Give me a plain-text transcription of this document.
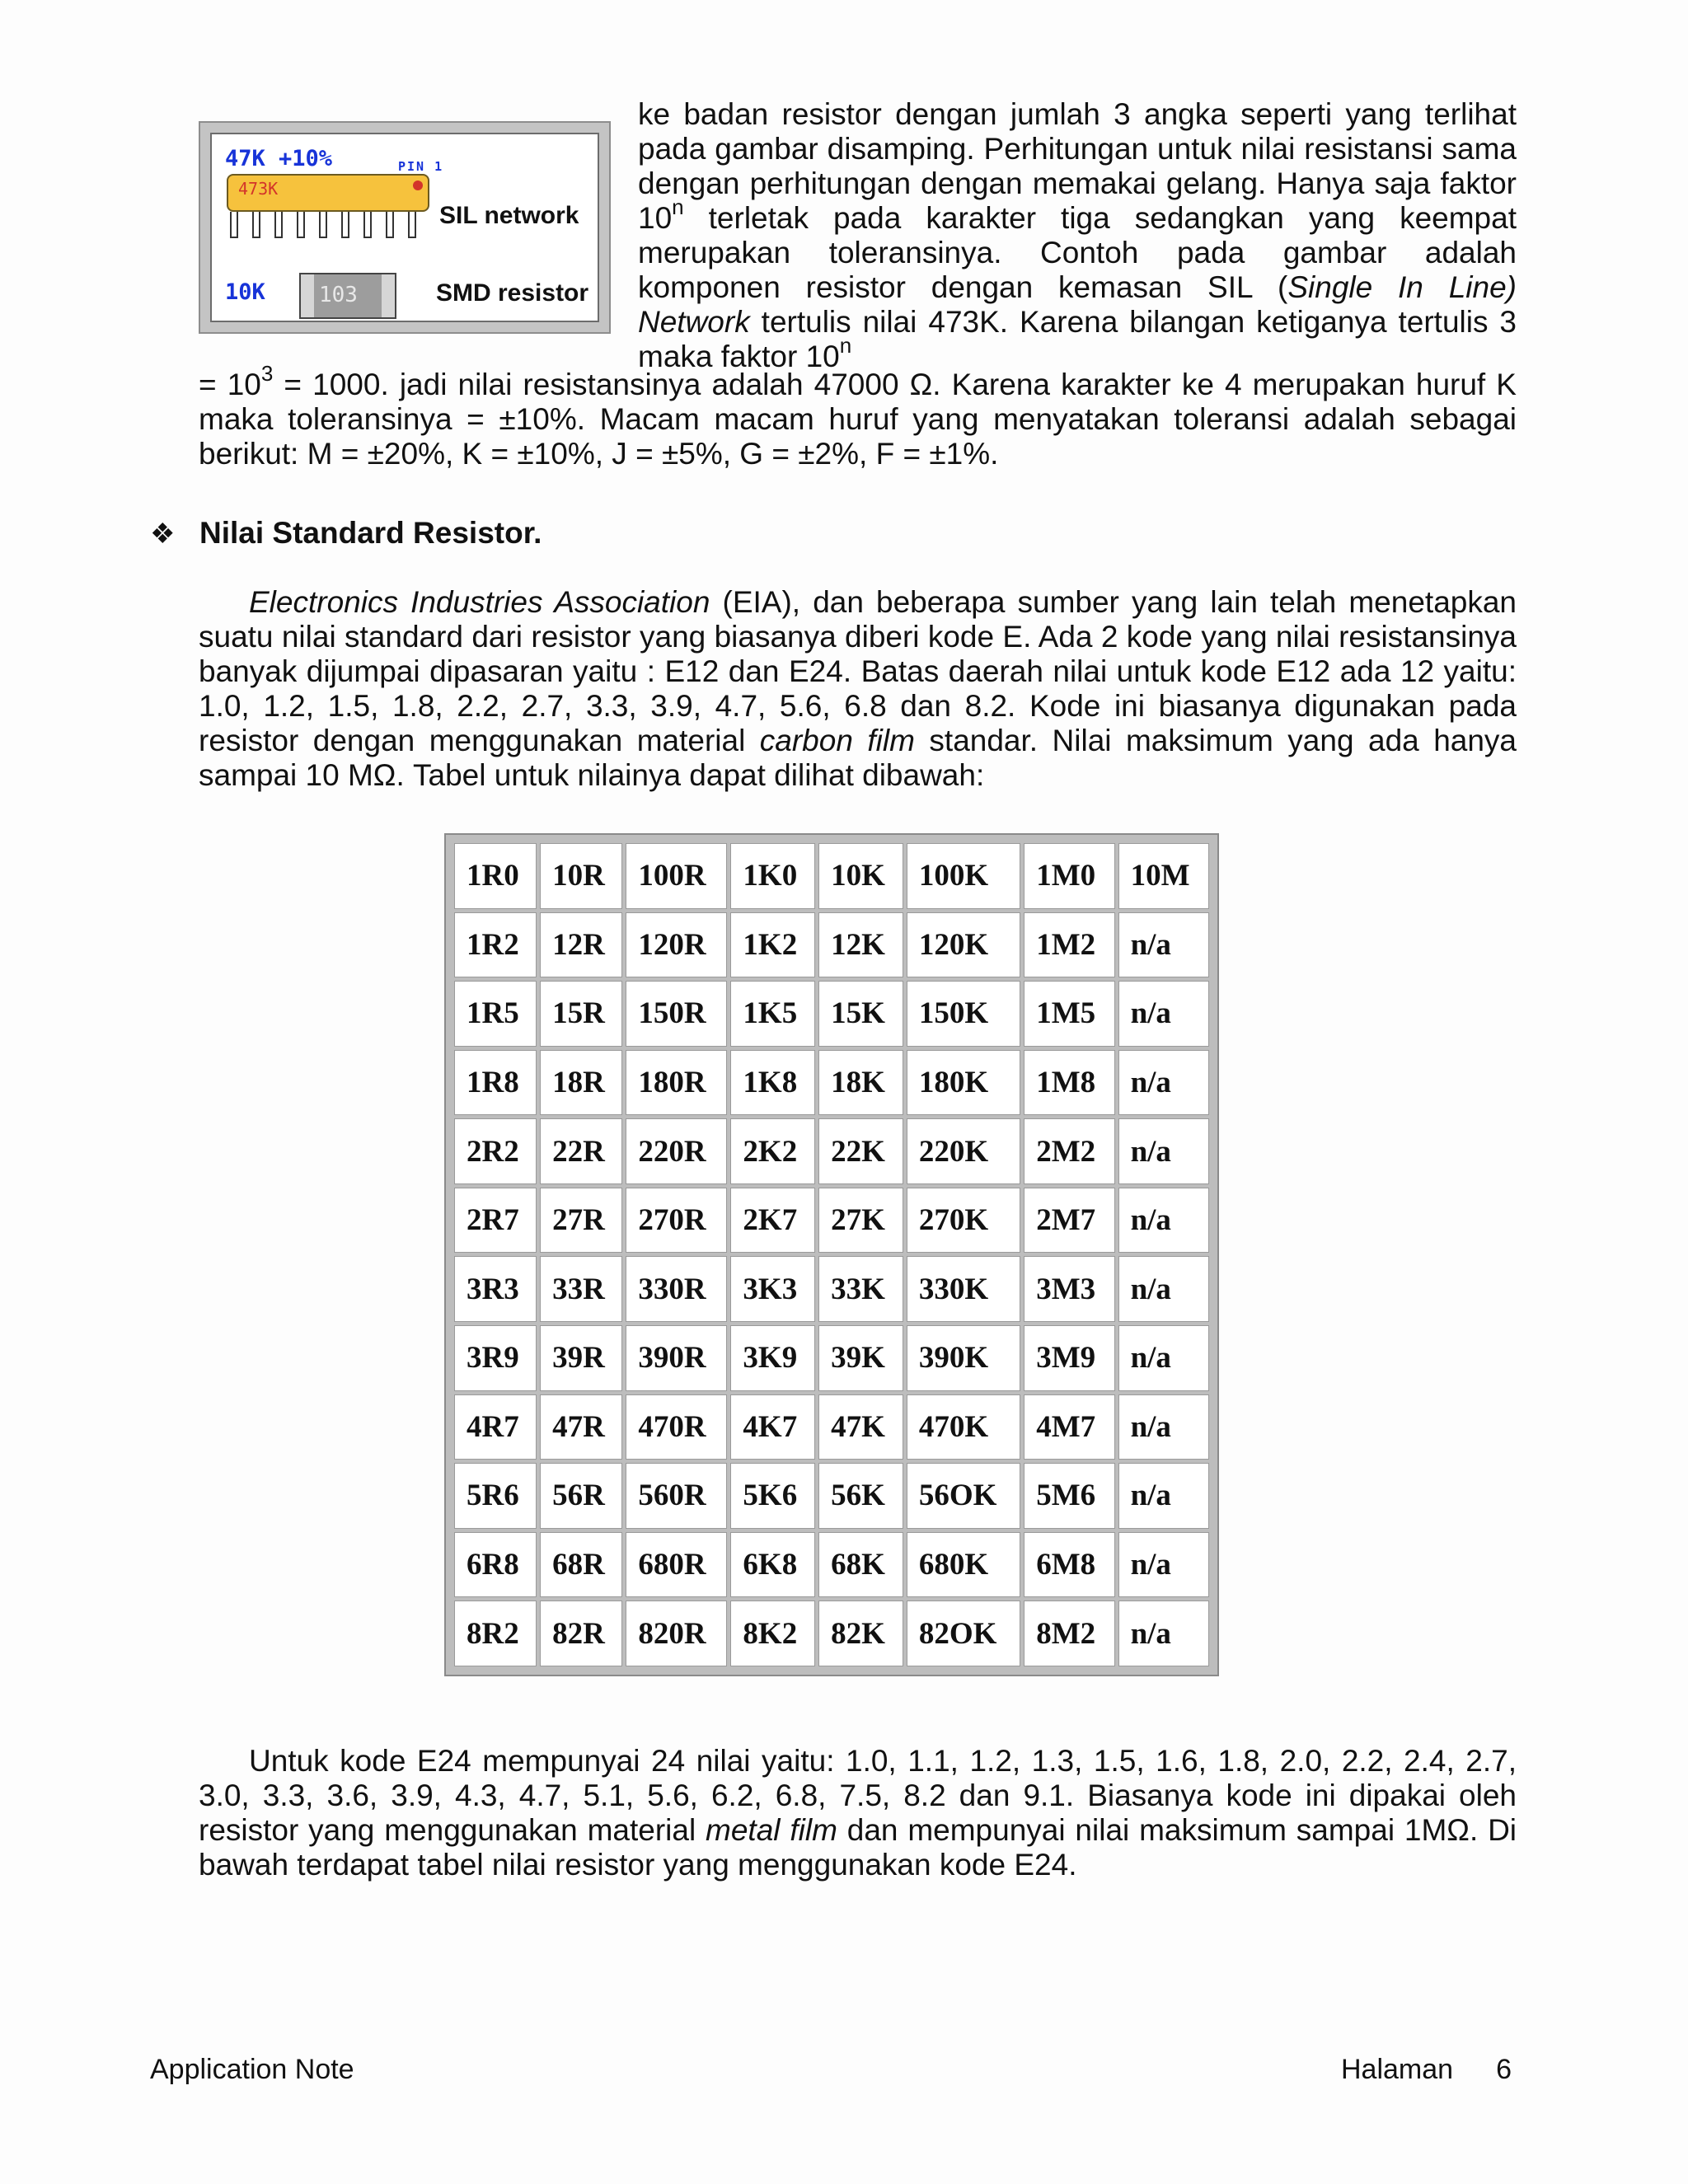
47K +10%	PIN 1
473K
SIL network
10K	103	SMD resistor
ke badan resistor dengan jumlah 3 angka seperti yang terlihat pada gambar disamping. Perhitungan untuk nilai resistansi sama dengan perhitungan dengan memakai gelang. Hanya saja faktor 10$^n$ terletak pada karakter tiga sedangkan yang keempat merupakan toleransinya. Contoh pada gambar adalah komponen resistor dengan kemasan SIL (Single In Line) Network tertulis nilai 473K. Karena bilangan ketiganya tertulis 3 maka faktor $10^n$
= $10^3 = 1000$. jadi nilai resistansinya adalah 47000 Ω. Karena karakter ke 4 merupakan huruf K maka toleransinya = ±10%. Macam macam huruf yang menyatakan toleransi adalah sebagai berikut: M = ±20%, K = ±10%, J = ±5%, G = ±2%, F = ±1%.
❖ Nilai Standard Resistor.
Electronics Industries Association (EIA), dan beberapa sumber yang lain telah menetapkan suatu nilai standard dari resistor yang biasanya diberi kode E. Ada 2 kode yang nilai resistansinya banyak dijumpai dipasaran yaitu : E12 dan E24. Batas daerah nilai untuk kode E12 ada 12 yaitu: 1.0, 1.2, 1.5, 1.8, 2.2, 2.7, 3.3, 3.9, 4.7, 5.6, 6.8 dan 8.2. Kode ini biasanya digunakan pada resistor dengan menggunakan material carbon film standar. Nilai maksimum yang ada hanya sampai 10 MΩ. Tabel untuk nilainya dapat dilihat dibawah:
1R0	10R	100R	1K0	10K	100K	1M0	10M
1R2	12R	120R	1K2	12K	120K	1M2	n/a
1R5	15R	150R	1K5	15K	150K	1M5	n/a
1R8	18R	180R	1K8	18K	180K	1M8	n/a
2R2	22R	220R	2K2	22K	220K	2M2	n/a
2R7	27R	270R	2K7	27K	270K	2M7	n/a
3R3	33R	330R	3K3	33K	330K	3M3	n/a
3R9	39R	390R	3K9	39K	390K	3M9	n/a
4R7	47R	470R	4K7	47K	470K	4M7	n/a
5R6	56R	560R	5K6	56K	56OK	5M6	n/a
6R8	68R	680R	6K8	68K	680K	6M8	n/a
8R2	82R	820R	8K2	82K	82OK	8M2	n/a
Untuk kode E24 mempunyai 24 nilai yaitu: 1.0, 1.1, 1.2, 1.3, 1.5, 1.6, 1.8, 2.0, 2.2, 2.4, 2.7, 3.0, 3.3, 3.6, 3.9, 4.3, 4.7, 5.1, 5.6, 6.2, 6.8, 7.5, 8.2 dan 9.1. Biasanya kode ini dipakai oleh resistor yang menggunakan material metal film dan mempunyai nilai maksimum sampai 1MΩ. Di bawah terdapat tabel nilai resistor yang menggunakan kode E24.
Application Note	Halaman 6
